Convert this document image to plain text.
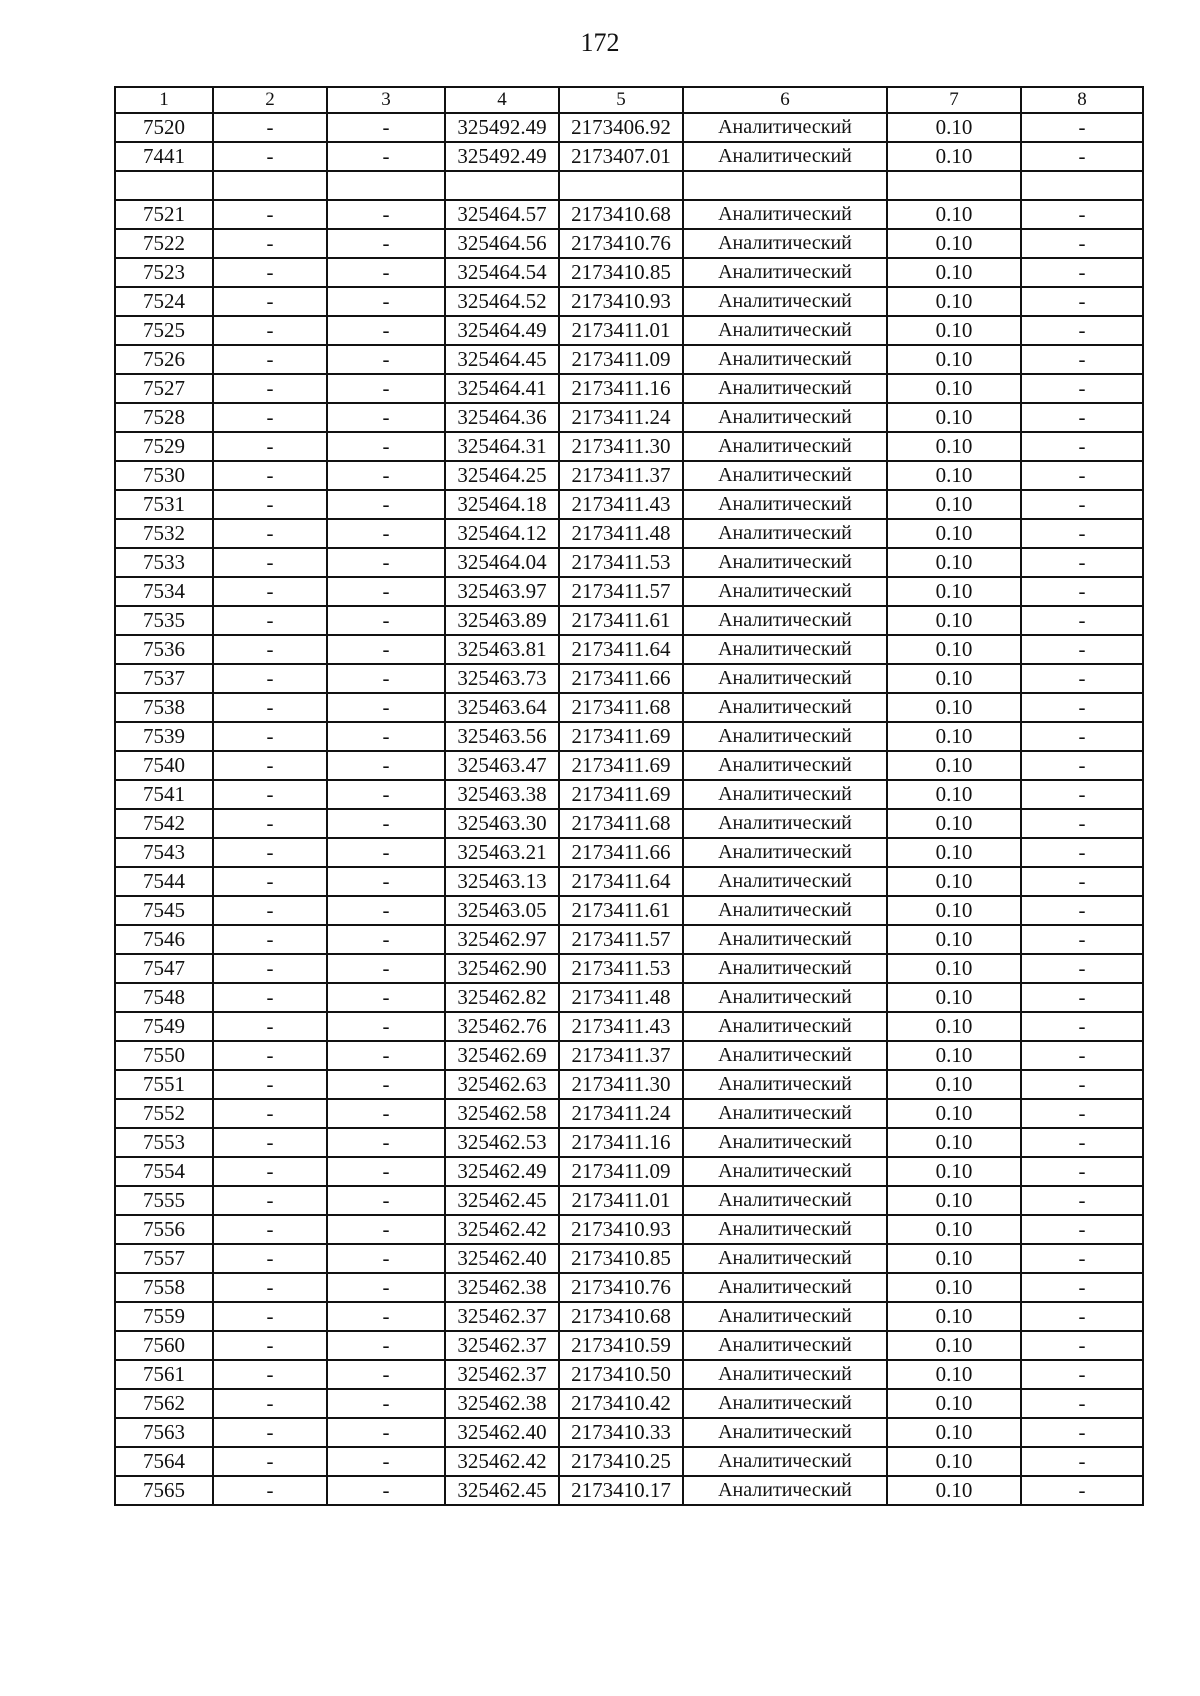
172
1	2	3	4	5	6	7	8
7520	-	-	325492.49	2173406.92	Аналитический	0.10	-
7441	-	-	325492.49	2173407.01	Аналитический	0.10	-

7521	-	-	325464.57	2173410.68	Аналитический	0.10	-
7522	-	-	325464.56	2173410.76	Аналитический	0.10	-
7523	-	-	325464.54	2173410.85	Аналитический	0.10	-
7524	-	-	325464.52	2173410.93	Аналитический	0.10	-
7525	-	-	325464.49	2173411.01	Аналитический	0.10	-
7526	-	-	325464.45	2173411.09	Аналитический	0.10	-
7527	-	-	325464.41	2173411.16	Аналитический	0.10	-
7528	-	-	325464.36	2173411.24	Аналитический	0.10	-
7529	-	-	325464.31	2173411.30	Аналитический	0.10	-
7530	-	-	325464.25	2173411.37	Аналитический	0.10	-
7531	-	-	325464.18	2173411.43	Аналитический	0.10	-
7532	-	-	325464.12	2173411.48	Аналитический	0.10	-
7533	-	-	325464.04	2173411.53	Аналитический	0.10	-
7534	-	-	325463.97	2173411.57	Аналитический	0.10	-
7535	-	-	325463.89	2173411.61	Аналитический	0.10	-
7536	-	-	325463.81	2173411.64	Аналитический	0.10	-
7537	-	-	325463.73	2173411.66	Аналитический	0.10	-
7538	-	-	325463.64	2173411.68	Аналитический	0.10	-
7539	-	-	325463.56	2173411.69	Аналитический	0.10	-
7540	-	-	325463.47	2173411.69	Аналитический	0.10	-
7541	-	-	325463.38	2173411.69	Аналитический	0.10	-
7542	-	-	325463.30	2173411.68	Аналитический	0.10	-
7543	-	-	325463.21	2173411.66	Аналитический	0.10	-
7544	-	-	325463.13	2173411.64	Аналитический	0.10	-
7545	-	-	325463.05	2173411.61	Аналитический	0.10	-
7546	-	-	325462.97	2173411.57	Аналитический	0.10	-
7547	-	-	325462.90	2173411.53	Аналитический	0.10	-
7548	-	-	325462.82	2173411.48	Аналитический	0.10	-
7549	-	-	325462.76	2173411.43	Аналитический	0.10	-
7550	-	-	325462.69	2173411.37	Аналитический	0.10	-
7551	-	-	325462.63	2173411.30	Аналитический	0.10	-
7552	-	-	325462.58	2173411.24	Аналитический	0.10	-
7553	-	-	325462.53	2173411.16	Аналитический	0.10	-
7554	-	-	325462.49	2173411.09	Аналитический	0.10	-
7555	-	-	325462.45	2173411.01	Аналитический	0.10	-
7556	-	-	325462.42	2173410.93	Аналитический	0.10	-
7557	-	-	325462.40	2173410.85	Аналитический	0.10	-
7558	-	-	325462.38	2173410.76	Аналитический	0.10	-
7559	-	-	325462.37	2173410.68	Аналитический	0.10	-
7560	-	-	325462.37	2173410.59	Аналитический	0.10	-
7561	-	-	325462.37	2173410.50	Аналитический	0.10	-
7562	-	-	325462.38	2173410.42	Аналитический	0.10	-
7563	-	-	325462.40	2173410.33	Аналитический	0.10	-
7564	-	-	325462.42	2173410.25	Аналитический	0.10	-
7565	-	-	325462.45	2173410.17	Аналитический	0.10	-
